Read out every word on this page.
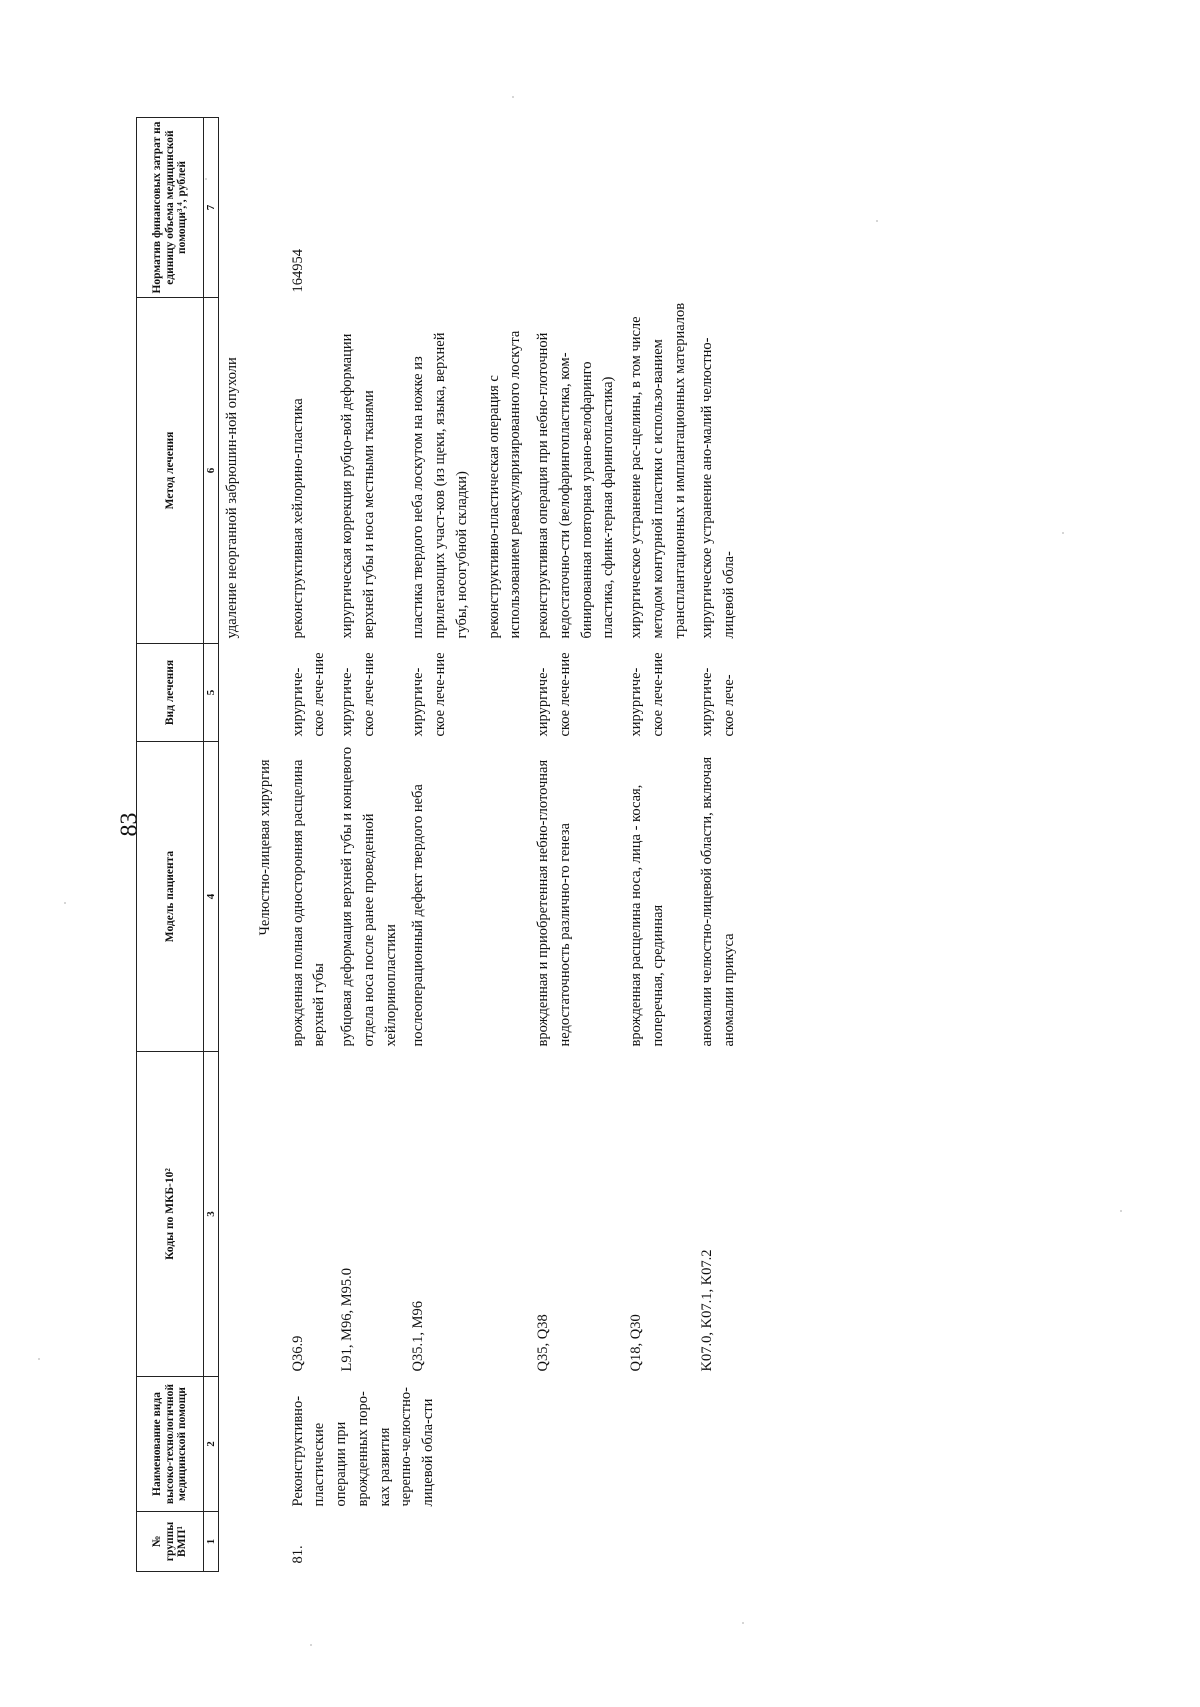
83
№ группы ВМП¹	Наименование вида высоко-технологичной медицинской помощи	Коды по МКБ-10²	Модель пациента	Вид лечения	Метод лечения	Норматив финансовых затрат на единицу объема медицинской помощи³,⁴, рублей
1	2	3	4	5	6	7
					удаление неорганной забрюшин-ной опухоли	
			Челюстно-лицевая хирургия			
81.	Реконструктивно-пластические операции при врожденных поро-ках развития черепно-челюстно-лицевой обла-сти	Q36.9	врожденная полная односторонняя расщелина верхней губы	хирургиче-ское лече-ние	реконструктивная хейлорино-пластика	164954
		L91, M96, M95.0	рубцовая деформация верхней губы и концевого отдела носа после ранее проведенной хейлоринопластики	хирургиче-ское лече-ние	хирургическая коррекция рубцо-вой деформации верхней губы и носа местными тканями	
		Q35.1, M96	послеоперационный дефект твердого неба	хирургиче-ское лече-ние	пластика твердого неба лоскутом на ножке из прилегающих участ-ков (из щеки, языка, верхней губы, носогубной складки) реконструктивно-пластическая операция с использованием реваскуляризированного лоскута	

		Q35, Q38	врожденная и приобретенная небно-глоточная недостаточность различно-го генеза	хирургиче-ское лече-ние	реконструктивная операция при небно-глоточной недостаточно-сти (велофарингопластика, ком-бинированная повторная урано-велофаринго пластика, сфинк-терная фарингопластика)	
		Q18, Q30	врожденная расщелина носа, лица - косая, поперечная, срединная	хирургиче-ское лече-ние	хирургическое устранение рас-щелины, в том числе методом контурной пластики с использо-ванием трансплантационных и имплантационных материалов	
		K07.0, K07.1, K07.2	аномалии челюстно-лицевой области, включая аномалии прикуса	хирургиче-ское лече-	хирургическое устранение ано-малий челюстно-лицевой обла-	
